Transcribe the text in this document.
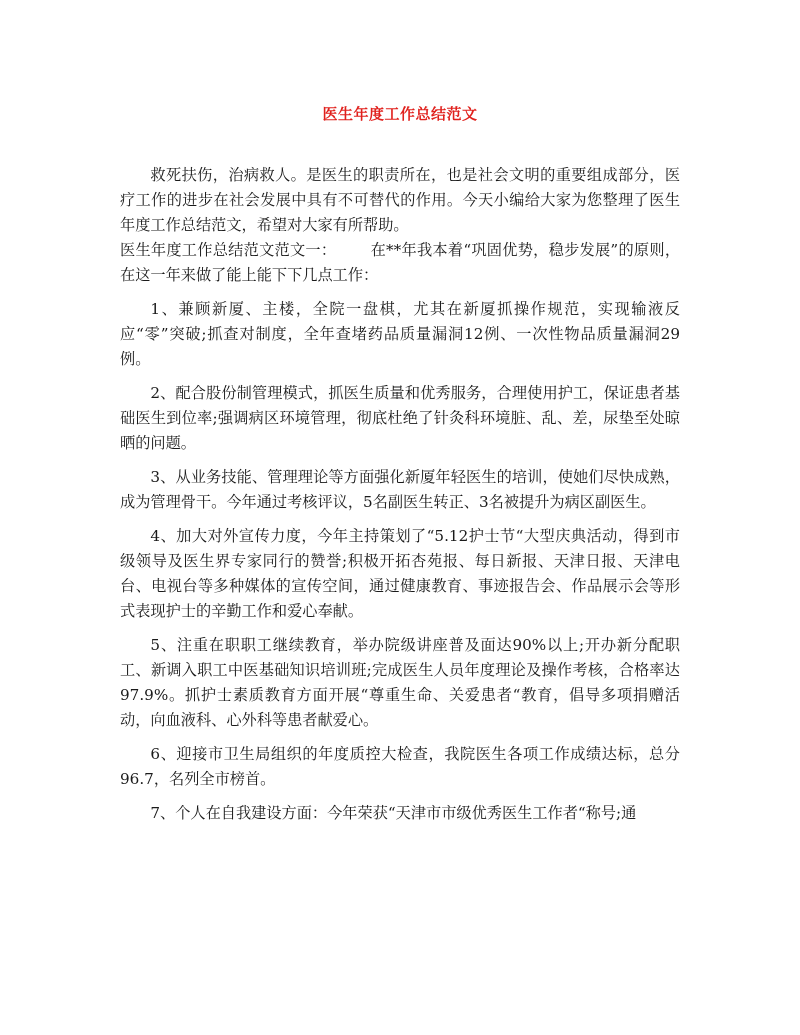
医生年度工作总结范文

救死扶伤，治病救人。是医生的职责所在，也是社会文明的重要组成部分，医疗工作的进步在社会发展中具有不可替代的作用。今天小编给大家为您整理了医生年度工作总结范文，希望对大家有所帮助。

医生年度工作总结范文范文一： 在**年我本着“巩固优势，稳步发展”的原则，在这一年来做了能上能下下几点工作：

1、兼顾新厦、主楼，全院一盘棋，尤其在新厦抓操作规范，实现输液反应“零”突破;抓查对制度，全年查堵药品质量漏洞12例、一次性物品质量漏洞29例。

2、配合股份制管理模式，抓医生质量和优秀服务，合理使用护工，保证患者基础医生到位率;强调病区环境管理，彻底杜绝了针灸科环境脏、乱、差，尿垫至处晾晒的问题。

3、从业务技能、管理理论等方面强化新厦年轻医生的培训，使她们尽快成熟，成为管理骨干。今年通过考核评议，5名副医生转正、3名被提升为病区副医生。

4、加大对外宣传力度，今年主持策划了“5.12护士节“大型庆典活动，得到市级领导及医生界专家同行的赞誉;积极开拓杏苑报、每日新报、天津日报、天津电台、电视台等多种媒体的宣传空间，通过健康教育、事迹报告会、作品展示会等形式表现护士的辛勤工作和爱心奉献。

5、注重在职职工继续教育，举办院级讲座普及面达90%以上;开办新分配职工、新调入职工中医基础知识培训班;完成医生人员年度理论及操作考核，合格率达97.9%。抓护士素质教育方面开展“尊重生命、关爱患者“教育，倡导多项捐赠活动，向血液科、心外科等患者献爱心。

6、迎接市卫生局组织的年度质控大检查，我院医生各项工作成绩达标，总分96.7，名列全市榜首。

7、个人在自我建设方面：今年荣获“天津市市级优秀医生工作者“称号;通
